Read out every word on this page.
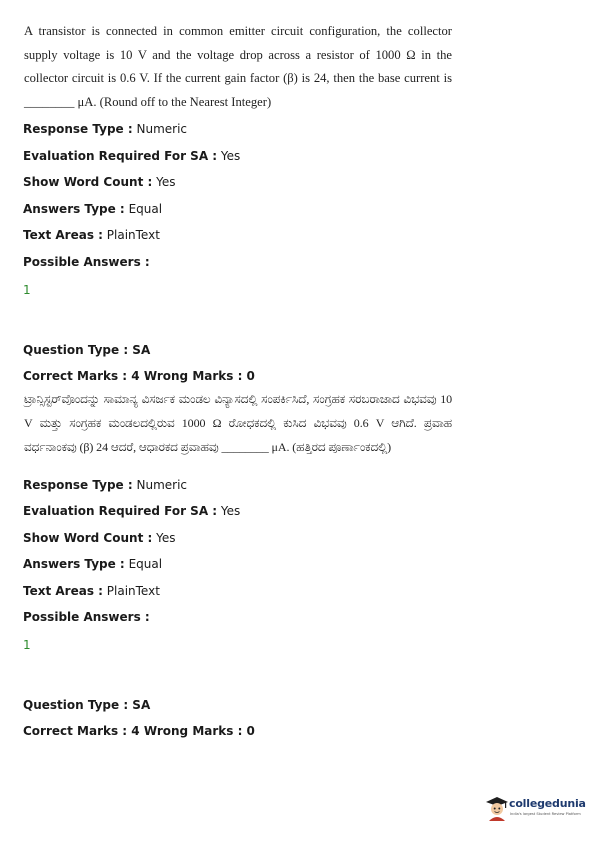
A transistor is connected in common emitter circuit configuration, the collector supply voltage is 10 V and the voltage drop across a resistor of 1000 Ω in the collector circuit is 0.6 V. If the current gain factor (β) is 24, then the base current is ________ μA. (Round off to the Nearest Integer)
Response Type : Numeric
Evaluation Required For SA : Yes
Show Word Count : Yes
Answers Type : Equal
Text Areas : PlainText
Possible Answers :
1
Question Type : SA
Correct Marks : 4 Wrong Marks : 0
ಟ್ರಾನ್ಸಿಸ್ಟರ್‌ವೊಂದನ್ನು ಸಾಮಾನ್ಯ ವಿಸರ್ಜಕ ಮಂಡಲ ವಿನ್ಯಾಸದಲ್ಲಿ ಸಂಪರ್ಕಿಸಿದೆ, ಸಂಗ್ರಹಕ ಸರಬರಾಜಾದ ವಿಭವವು 10 V ಮತ್ತು ಸಂಗ್ರಹಕ ಮಂಡಲದಲ್ಲಿರುವ 1000 Ω ರೋಧಕದಲ್ಲಿ ಕುಸಿದ ವಿಭವವು 0.6 V ಆಗಿದೆ. ಪ್ರವಾಹ ವರ್ಧನಾಂಕವು (β) 24 ಆದರೆ, ಆಧಾರಕದ ಪ್ರವಾಹವು ________ μA. (ಹತ್ತಿರದ ಪೂರ್ಣಾಂಕದಲ್ಲಿ)
Response Type : Numeric
Evaluation Required For SA : Yes
Show Word Count : Yes
Answers Type : Equal
Text Areas : PlainText
Possible Answers :
1
Question Type : SA
Correct Marks : 4 Wrong Marks : 0
collegedunia
India's largest Student Review Platform
